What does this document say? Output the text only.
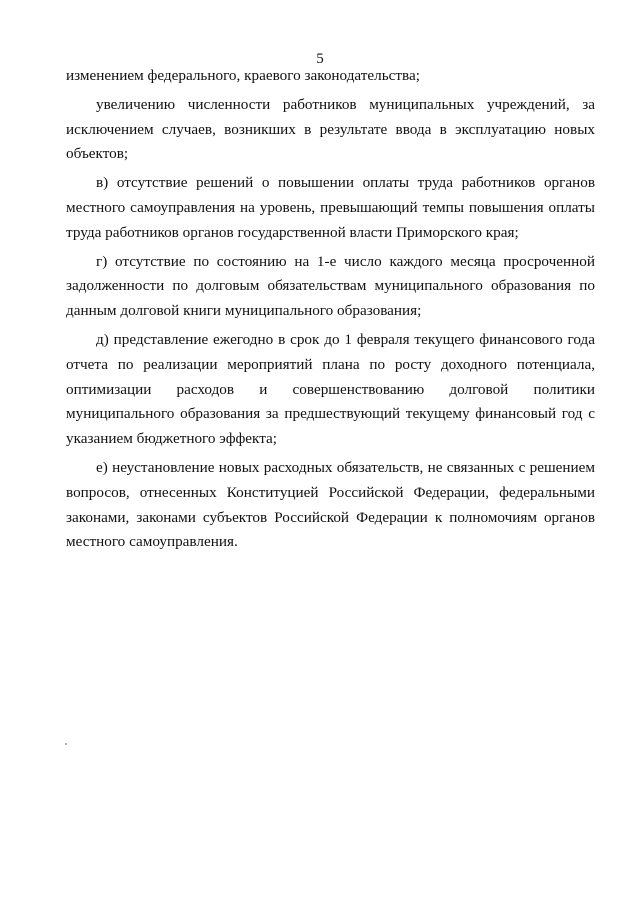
5

изменением федерального, краевого законодательства;

увеличению численности работников муниципальных учреждений, за исключением случаев, возникших в результате ввода в эксплуатацию новых объектов;

в) отсутствие решений о повышении оплаты труда работников органов местного самоуправления на уровень, превышающий темпы повышения оплаты труда работников органов государственной власти Приморского края;

г) отсутствие по состоянию на 1-е число каждого месяца просроченной задолженности по долговым обязательствам муниципального образования по данным долговой книги муниципального образования;

д) представление ежегодно в срок до 1 февраля текущего финансового года отчета по реализации мероприятий плана по росту доходного потенциала, оптимизации расходов и совершенствованию долговой политики муниципального образования за предшествующий текущему финансовый год с указанием бюджетного эффекта;

е) неустановление новых расходных обязательств, не связанных с решением вопросов, отнесенных Конституцией Российской Федерации, федеральными законами, законами субъектов Российской Федерации к полномочиям органов местного самоуправления.
